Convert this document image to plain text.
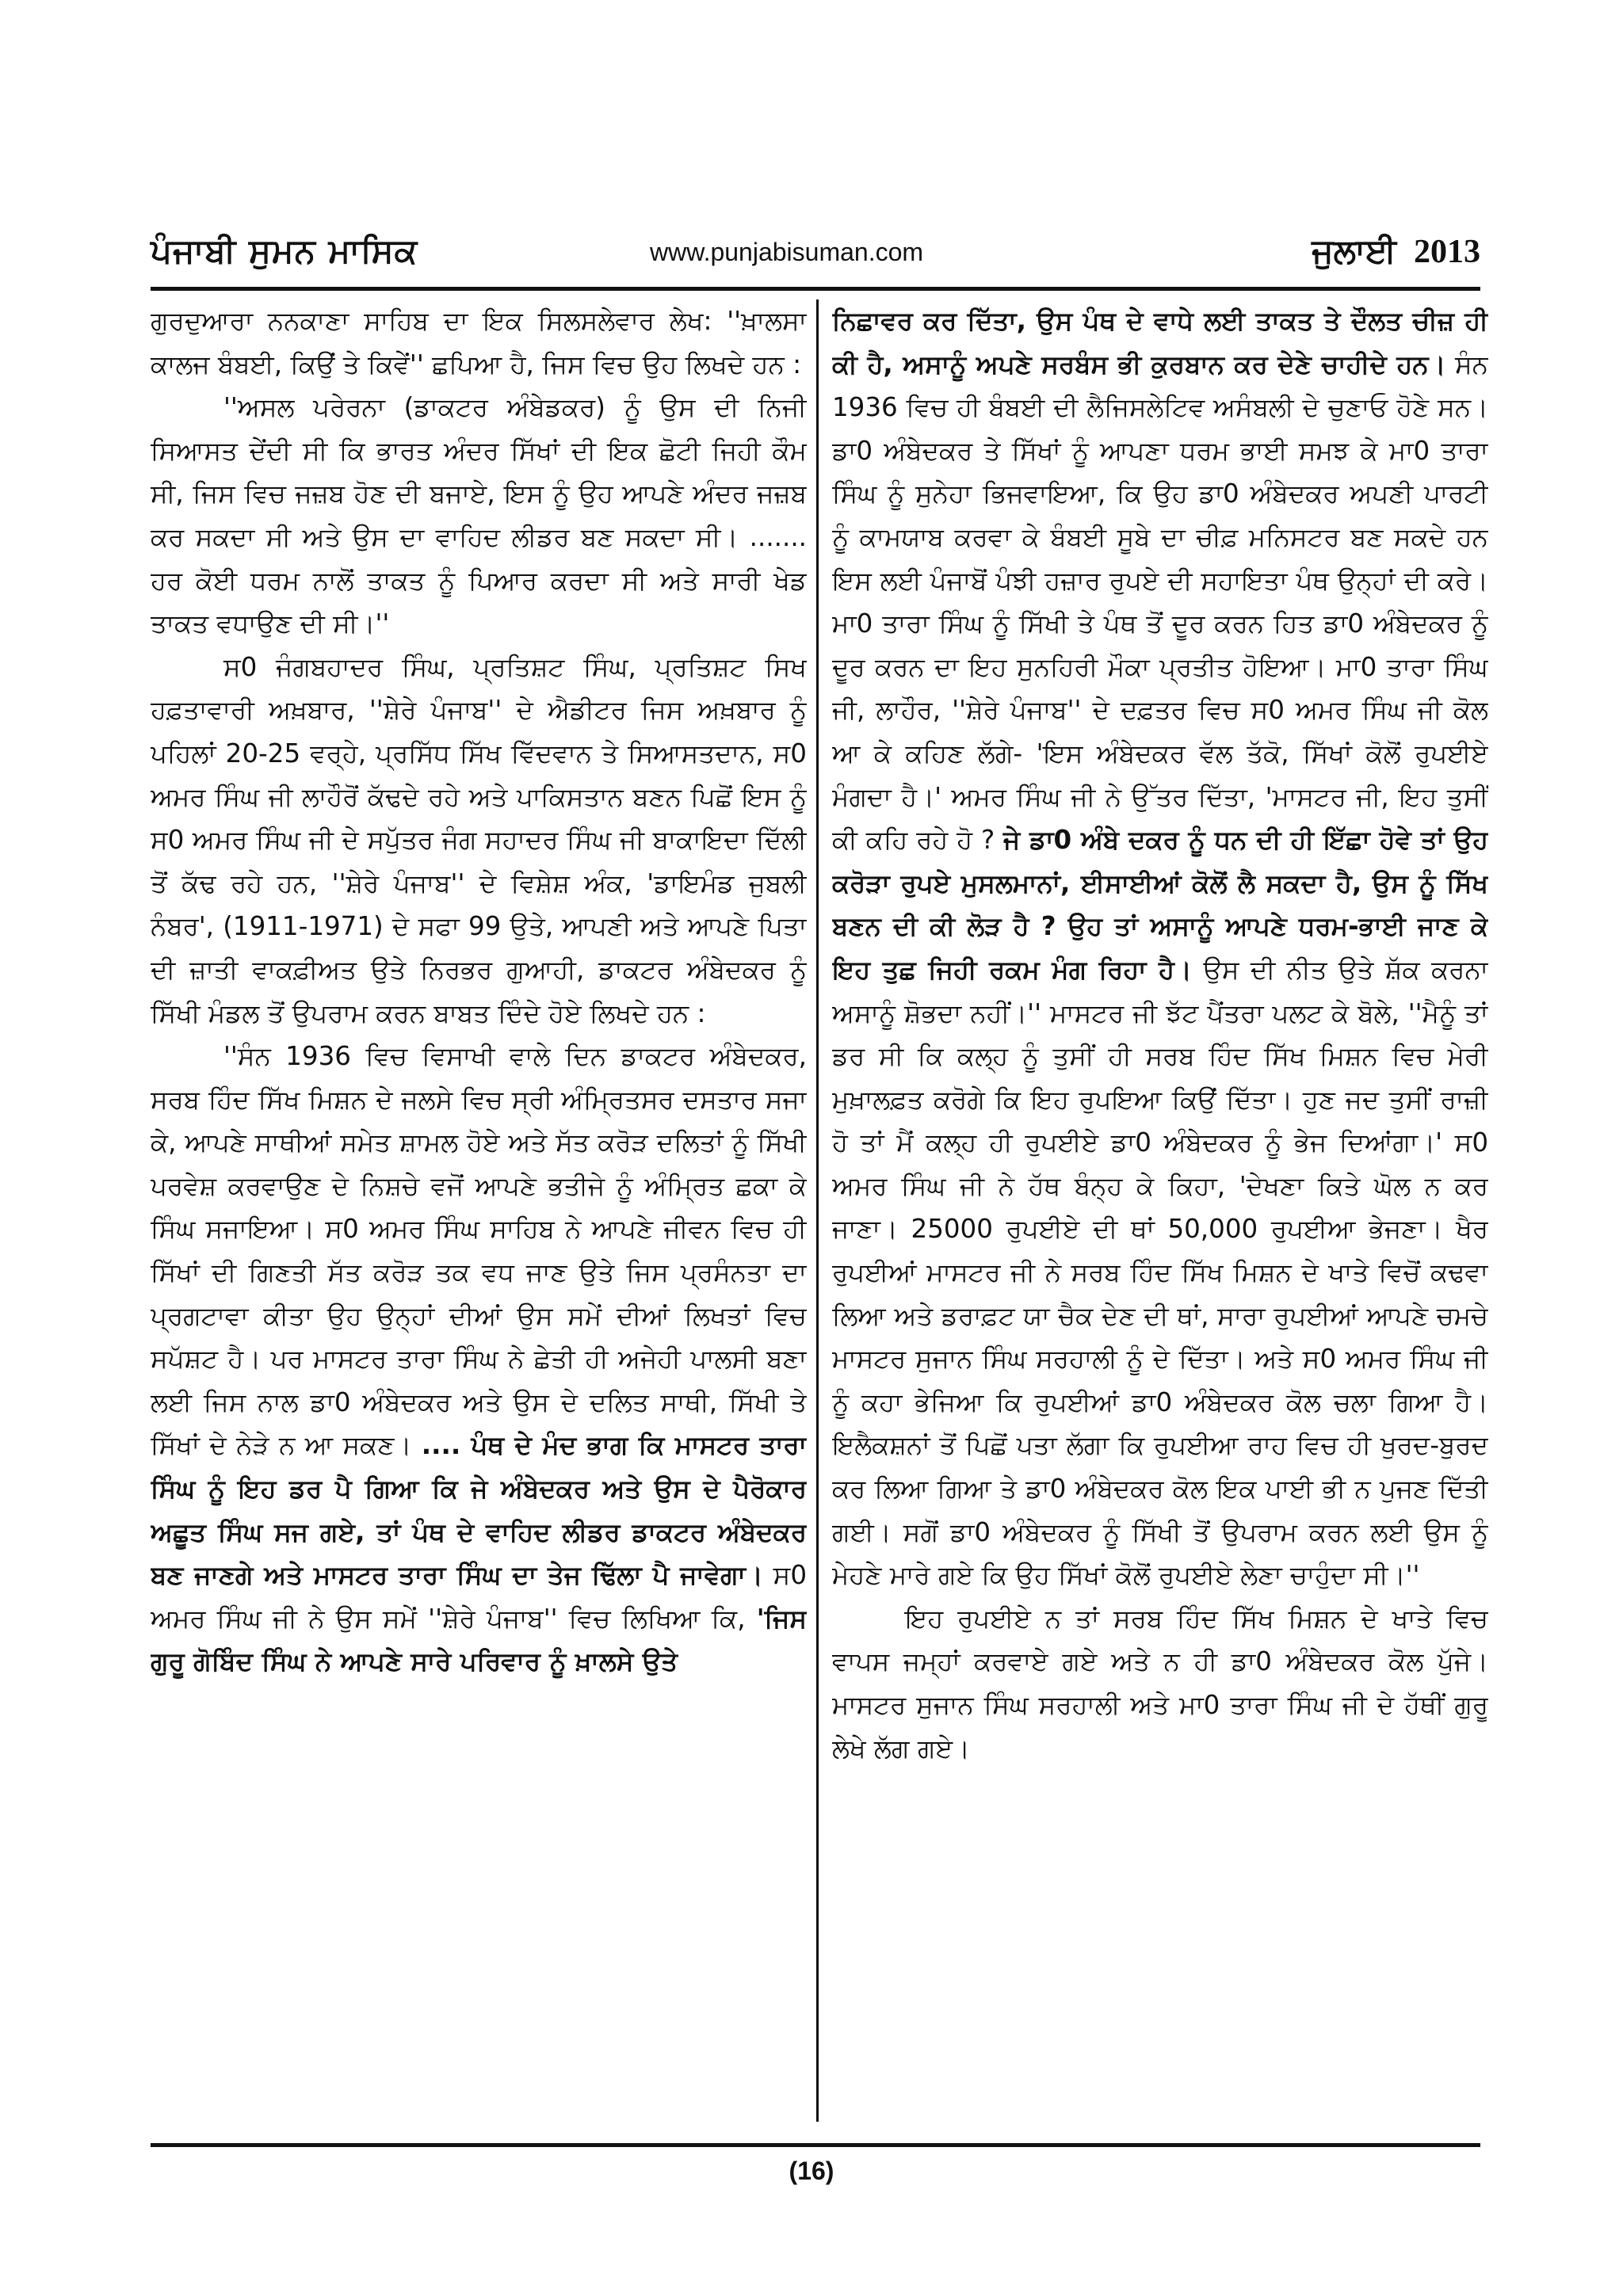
ਪੰਜਾਬੀ ਸੁਮਨ ਮਾਸਿਕ	www.punjabisuman.com	ਜੁਲਾਈ 2013

ਗੁਰਦੁਆਰਾ ਨਨਕਾਣਾ ਸਾਹਿਬ ਦਾ ਇਕ ਸਿਲਸਲੇਵਾਰ ਲੇਖ: ''ਖ਼ਾਲਸਾ ਕਾਲਜ ਬੰਬਈ, ਕਿਉਂ ਤੇ ਕਿਵੇਂ'' ਛਪਿਆ ਹੈ, ਜਿਸ ਵਿਚ ਉਹ ਲਿਖਦੇ ਹਨ :

''ਅਸਲ ਪਰੇਰਨਾ (ਡਾਕਟਰ ਅੰਬੇਡਕਰ) ਨੂੰ ਉਸ ਦੀ ਨਿਜੀ ਸਿਆਸਤ ਦੇਂਦੀ ਸੀ ਕਿ ਭਾਰਤ ਅੰਦਰ ਸਿੱਖਾਂ ਦੀ ਇਕ ਛੋਟੀ ਜਿਹੀ ਕੌਮ ਸੀ, ਜਿਸ ਵਿਚ ਜਜ਼ਬ ਹੋਣ ਦੀ ਬਜਾਏ, ਇਸ ਨੂੰ ਉਹ ਆਪਣੇ ਅੰਦਰ ਜਜ਼ਬ ਕਰ ਸਕਦਾ ਸੀ ਅਤੇ ਉਸ ਦਾ ਵਾਹਿਦ ਲੀਡਰ ਬਣ ਸਕਦਾ ਸੀ। ....... ਹਰ ਕੋਈ ਧਰਮ ਨਾਲੋਂ ਤਾਕਤ ਨੂੰ ਪਿਆਰ ਕਰਦਾ ਸੀ ਅਤੇ ਸਾਰੀ ਖੇਡ ਤਾਕਤ ਵਧਾਉਣ ਦੀ ਸੀ।''

ਸ0 ਜੰਗਬਹਾਦਰ ਸਿੰਘ, ਪ੍ਰਤਿਸ਼ਟ ਸਿੰਘ, ਪ੍ਰਤਿਸ਼ਟ ਸਿਖ ਹਫ਼ਤਾਵਾਰੀ ਅਖ਼ਬਾਰ, ''ਸ਼ੇਰੇ ਪੰਜਾਬ'' ਦੇ ਐਡੀਟਰ ਜਿਸ ਅਖ਼ਬਾਰ ਨੂੰ ਪਹਿਲਾਂ 20-25 ਵਰ੍ਹੇ, ਪ੍ਰਸਿੱਧ ਸਿੱਖ ਵਿੱਦਵਾਨ ਤੇ ਸਿਆਸਤਦਾਨ, ਸ0 ਅਮਰ ਸਿੰਘ ਜੀ ਲਾਹੌਰੋਂ ਕੱਢਦੇ ਰਹੇ ਅਤੇ ਪਾਕਿਸਤਾਨ ਬਣਨ ਪਿਛੋਂ ਇਸ ਨੂੰ ਸ0 ਅਮਰ ਸਿੰਘ ਜੀ ਦੇ ਸਪੁੱਤਰ ਜੰਗ ਸਹਾਦਰ ਸਿੰਘ ਜੀ ਬਾਕਾਇਦਾ ਦਿੱਲੀ ਤੋਂ ਕੱਢ ਰਹੇ ਹਨ, ''ਸ਼ੇਰੇ ਪੰਜਾਬ'' ਦੇ ਵਿਸ਼ੇਸ਼ ਅੰਕ, 'ਡਾਇਮੰਡ ਜੁਬਲੀ ਨੰਬਰ', (1911-1971) ਦੇ ਸਫਾ 99 ਉਤੇ, ਆਪਣੀ ਅਤੇ ਆਪਣੇ ਪਿਤਾ ਦੀ ਜ਼ਾਤੀ ਵਾਕਫ਼ੀਅਤ ਉਤੇ ਨਿਰਭਰ ਗੁਆਹੀ, ਡਾਕਟਰ ਅੰਬੇਦਕਰ ਨੂੰ ਸਿੱਖੀ ਮੰਡਲ ਤੋਂ ਉਪਰਾਮ ਕਰਨ ਬਾਬਤ ਦਿੰਦੇ ਹੋਏ ਲਿਖਦੇ ਹਨ :

''ਸੰਨ 1936 ਵਿਚ ਵਿਸਾਖੀ ਵਾਲੇ ਦਿਨ ਡਾਕਟਰ ਅੰਬੇਦਕਰ, ਸਰਬ ਹਿੰਦ ਸਿੱਖ ਮਿਸ਼ਨ ਦੇ ਜਲਸੇ ਵਿਚ ਸ੍ਰੀ ਅੰਮ੍ਰਿਤਸਰ ਦਸਤਾਰ ਸਜਾ ਕੇ, ਆਪਣੇ ਸਾਥੀਆਂ ਸਮੇਤ ਸ਼ਾਮਲ ਹੋਏ ਅਤੇ ਸੱਤ ਕਰੋੜ ਦਲਿਤਾਂ ਨੂੰ ਸਿੱਖੀ ਪਰਵੇਸ਼ ਕਰਵਾਉਣ ਦੇ ਨਿਸ਼ਚੇ ਵਜੋਂ ਆਪਣੇ ਭਤੀਜੇ ਨੂੰ ਅੰਮ੍ਰਿਤ ਛਕਾ ਕੇ ਸਿੰਘ ਸਜਾਇਆ। ਸ0 ਅਮਰ ਸਿੰਘ ਸਾਹਿਬ ਨੇ ਆਪਣੇ ਜੀਵਨ ਵਿਚ ਹੀ ਸਿੱਖਾਂ ਦੀ ਗਿਣਤੀ ਸੱਤ ਕਰੋੜ ਤਕ ਵਧ ਜਾਣ ਉਤੇ ਜਿਸ ਪ੍ਰਸੰਨਤਾ ਦਾ ਪ੍ਰਗਟਾਵਾ ਕੀਤਾ ਉਹ ਉਨ੍ਹਾਂ ਦੀਆਂ ਉਸ ਸਮੇਂ ਦੀਆਂ ਲਿਖਤਾਂ ਵਿਚ ਸਪੱਸ਼ਟ ਹੈ। ਪਰ ਮਾਸਟਰ ਤਾਰਾ ਸਿੰਘ ਨੇ ਛੇਤੀ ਹੀ ਅਜੇਹੀ ਪਾਲਸੀ ਬਣਾ ਲਈ ਜਿਸ ਨਾਲ ਡਾ0 ਅੰਬੇਦਕਰ ਅਤੇ ਉਸ ਦੇ ਦਲਿਤ ਸਾਥੀ, ਸਿੱਖੀ ਤੇ ਸਿੱਖਾਂ ਦੇ ਨੇੜੇ ਨ ਆ ਸਕਣ। .... ਪੰਥ ਦੇ ਮੰਦ ਭਾਗ ਕਿ ਮਾਸਟਰ ਤਾਰਾ ਸਿੰਘ ਨੂੰ ਇਹ ਡਰ ਪੈ ਗਿਆ ਕਿ ਜੇ ਅੰਬੇਦਕਰ ਅਤੇ ਉਸ ਦੇ ਪੈਰੋਕਾਰ ਅਛੂਤ ਸਿੰਘ ਸਜ ਗਏ, ਤਾਂ ਪੰਥ ਦੇ ਵਾਹਿਦ ਲੀਡਰ ਡਾਕਟਰ ਅੰਬੇਦਕਰ ਬਣ ਜਾਣਗੇ ਅਤੇ ਮਾਸਟਰ ਤਾਰਾ ਸਿੰਘ ਦਾ ਤੇਜ ਢਿੱਲਾ ਪੈ ਜਾਵੇਗਾ। ਸ0 ਅਮਰ ਸਿੰਘ ਜੀ ਨੇ ਉਸ ਸਮੇਂ ''ਸ਼ੇਰੇ ਪੰਜਾਬ'' ਵਿਚ ਲਿਖਿਆ ਕਿ, 'ਜਿਸ ਗੁਰੂ ਗੋਬਿੰਦ ਸਿੰਘ ਨੇ ਆਪਣੇ ਸਾਰੇ ਪਰਿਵਾਰ ਨੂੰ ਖ਼ਾਲਸੇ ਉਤੇ

ਨਿਛਾਵਰ ਕਰ ਦਿੱਤਾ, ਉਸ ਪੰਥ ਦੇ ਵਾਧੇ ਲਈ ਤਾਕਤ ਤੇ ਦੌਲਤ ਚੀਜ਼ ਹੀ ਕੀ ਹੈ, ਅਸਾਨੂੰ ਅਪਣੇ ਸਰਬੰਸ ਭੀ ਕੁਰਬਾਨ ਕਰ ਦੇਣੇ ਚਾਹੀਦੇ ਹਨ। ਸੰਨ 1936 ਵਿਚ ਹੀ ਬੰਬਈ ਦੀ ਲੈਜਿਸਲੇਟਿਵ ਅਸੰਬਲੀ ਦੇ ਚੁਣਾਓ ਹੋਣੇ ਸਨ। ਡਾ0 ਅੰਬੇਦਕਰ ਤੇ ਸਿੱਖਾਂ ਨੂੰ ਆਪਣਾ ਧਰਮ ਭਾਈ ਸਮਝ ਕੇ ਮਾ0 ਤਾਰਾ ਸਿੰਘ ਨੂੰ ਸੁਨੇਹਾ ਭਿਜਵਾਇਆ, ਕਿ ਉਹ ਡਾ0 ਅੰਬੇਦਕਰ ਅਪਣੀ ਪਾਰਟੀ ਨੂੰ ਕਾਮਯਾਬ ਕਰਵਾ ਕੇ ਬੰਬਈ ਸੂਬੇ ਦਾ ਚੀਫ਼ ਮਨਿਸਟਰ ਬਣ ਸਕਦੇ ਹਨ ਇਸ ਲਈ ਪੰਜਾਬੋਂ ਪੰਝੀ ਹਜ਼ਾਰ ਰੁਪਏ ਦੀ ਸਹਾਇਤਾ ਪੰਥ ਉਨ੍ਹਾਂ ਦੀ ਕਰੇ। ਮਾ0 ਤਾਰਾ ਸਿੰਘ ਨੂੰ ਸਿੱਖੀ ਤੇ ਪੰਥ ਤੋਂ ਦੂਰ ਕਰਨ ਹਿਤ ਡਾ0 ਅੰਬੇਦਕਰ ਨੂੰ ਦੂਰ ਕਰਨ ਦਾ ਇਹ ਸੁਨਹਿਰੀ ਮੌਕਾ ਪ੍ਰਤੀਤ ਹੋਇਆ। ਮਾ0 ਤਾਰਾ ਸਿੰਘ ਜੀ, ਲਾਹੌਰ, ''ਸ਼ੇਰੇ ਪੰਜਾਬ'' ਦੇ ਦਫ਼ਤਰ ਵਿਚ ਸ0 ਅਮਰ ਸਿੰਘ ਜੀ ਕੋਲ ਆ ਕੇ ਕਹਿਣ ਲੱਗੇ- 'ਇਸ ਅੰਬੇਦਕਰ ਵੱਲ ਤੱਕੋ, ਸਿੱਖਾਂ ਕੋਲੋਂ ਰੁਪਈਏ ਮੰਗਦਾ ਹੈ।' ਅਮਰ ਸਿੰਘ ਜੀ ਨੇ ਉੱਤਰ ਦਿੱਤਾ, 'ਮਾਸਟਰ ਜੀ, ਇਹ ਤੁਸੀਂ ਕੀ ਕਹਿ ਰਹੇ ਹੋ ? ਜੇ ਡਾ0 ਅੰਬੇ ਦਕਰ ਨੂੰ ਧਨ ਦੀ ਹੀ ਇੱਛਾ ਹੋਵੇ ਤਾਂ ਉਹ ਕਰੋੜਾ ਰੁਪਏ ਮੁਸਲਮਾਨਾਂ, ਈਸਾਈਆਂ ਕੋਲੋਂ ਲੈ ਸਕਦਾ ਹੈ, ਉਸ ਨੂੰ ਸਿੱਖ ਬਣਨ ਦੀ ਕੀ ਲੋੜ ਹੈ ? ਉਹ ਤਾਂ ਅਸਾਨੂੰ ਆਪਣੇ ਧਰਮ-ਭਾਈ ਜਾਣ ਕੇ ਇਹ ਤੁਛ ਜਿਹੀ ਰਕਮ ਮੰਗ ਰਿਹਾ ਹੈ। ਉਸ ਦੀ ਨੀਤ ਉਤੇ ਸ਼ੱਕ ਕਰਨਾ ਅਸਾਨੂੰ ਸ਼ੋਭਦਾ ਨਹੀਂ।'' ਮਾਸਟਰ ਜੀ ਝੱਟ ਪੈਂਤਰਾ ਪਲਟ ਕੇ ਬੋਲੇ, ''ਮੈਨੂੰ ਤਾਂ ਡਰ ਸੀ ਕਿ ਕਲ੍ਹ ਨੂੰ ਤੁਸੀਂ ਹੀ ਸਰਬ ਹਿੰਦ ਸਿੱਖ ਮਿਸ਼ਨ ਵਿਚ ਮੇਰੀ ਮੁਖ਼ਾਲਫ਼ਤ ਕਰੋਗੇ ਕਿ ਇਹ ਰੁਪਇਆ ਕਿਉਂ ਦਿੱਤਾ। ਹੁਣ ਜਦ ਤੁਸੀਂ ਰਾਜ਼ੀ ਹੋ ਤਾਂ ਮੈਂ ਕਲ੍ਹ ਹੀ ਰੁਪਈਏ ਡਾ0 ਅੰਬੇਦਕਰ ਨੂੰ ਭੇਜ ਦਿਆਂਗਾ।' ਸ0 ਅਮਰ ਸਿੰਘ ਜੀ ਨੇ ਹੱਥ ਬੰਨ੍ਹ ਕੇ ਕਿਹਾ, 'ਦੇਖਣਾ ਕਿਤੇ ਘੋਲ ਨ ਕਰ ਜਾਣਾ। 25000 ਰੁਪਈਏ ਦੀ ਥਾਂ 50,000 ਰੁਪਈਆ ਭੇਜਣਾ। ਖੈਰ ਰੁਪਈਆਂ ਮਾਸਟਰ ਜੀ ਨੇ ਸਰਬ ਹਿੰਦ ਸਿੱਖ ਮਿਸ਼ਨ ਦੇ ਖਾਤੇ ਵਿਚੋਂ ਕਢਵਾ ਲਿਆ ਅਤੇ ਡਰਾਫ਼ਟ ਯਾ ਚੈਕ ਦੇਣ ਦੀ ਥਾਂ, ਸਾਰਾ ਰੁਪਈਆਂ ਆਪਣੇ ਚਮਚੇ ਮਾਸਟਰ ਸੁਜਾਨ ਸਿੰਘ ਸਰਹਾਲੀ ਨੂੰ ਦੇ ਦਿੱਤਾ। ਅਤੇ ਸ0 ਅਮਰ ਸਿੰਘ ਜੀ ਨੂੰ ਕਹਾ ਭੇਜਿਆ ਕਿ ਰੁਪਈਆਂ ਡਾ0 ਅੰਬੇਦਕਰ ਕੋਲ ਚਲਾ ਗਿਆ ਹੈ। ਇਲੈਕਸ਼ਨਾਂ ਤੋਂ ਪਿਛੋਂ ਪਤਾ ਲੱਗਾ ਕਿ ਰੁਪਈਆ ਰਾਹ ਵਿਚ ਹੀ ਖੁਰਦ-ਬੁਰਦ ਕਰ ਲਿਆ ਗਿਆ ਤੇ ਡਾ0 ਅੰਬੇਦਕਰ ਕੋਲ ਇਕ ਪਾਈ ਭੀ ਨ ਪੁਜਣ ਦਿੱਤੀ ਗਈ। ਸਗੋਂ ਡਾ0 ਅੰਬੇਦਕਰ ਨੂੰ ਸਿੱਖੀ ਤੋਂ ਉਪਰਾਮ ਕਰਨ ਲਈ ਉਸ ਨੂੰ ਮੇਹਣੇ ਮਾਰੇ ਗਏ ਕਿ ਉਹ ਸਿੱਖਾਂ ਕੋਲੋਂ ਰੁਪਈਏ ਲੇਣਾ ਚਾਹੁੰਦਾ ਸੀ।''

ਇਹ ਰੁਪਈਏ ਨ ਤਾਂ ਸਰਬ ਹਿੰਦ ਸਿੱਖ ਮਿਸ਼ਨ ਦੇ ਖਾਤੇ ਵਿਚ ਵਾਪਸ ਜਮ੍ਹਾਂ ਕਰਵਾਏ ਗਏ ਅਤੇ ਨ ਹੀ ਡਾ0 ਅੰਬੇਦਕਰ ਕੋਲ ਪੁੱਜੇ। ਮਾਸਟਰ ਸੁਜਾਨ ਸਿੰਘ ਸਰਹਾਲੀ ਅਤੇ ਮਾ0 ਤਾਰਾ ਸਿੰਘ ਜੀ ਦੇ ਹੱਥੀਂ ਗੁਰੂ ਲੇਖੇ ਲੱਗ ਗਏ।

(16)
